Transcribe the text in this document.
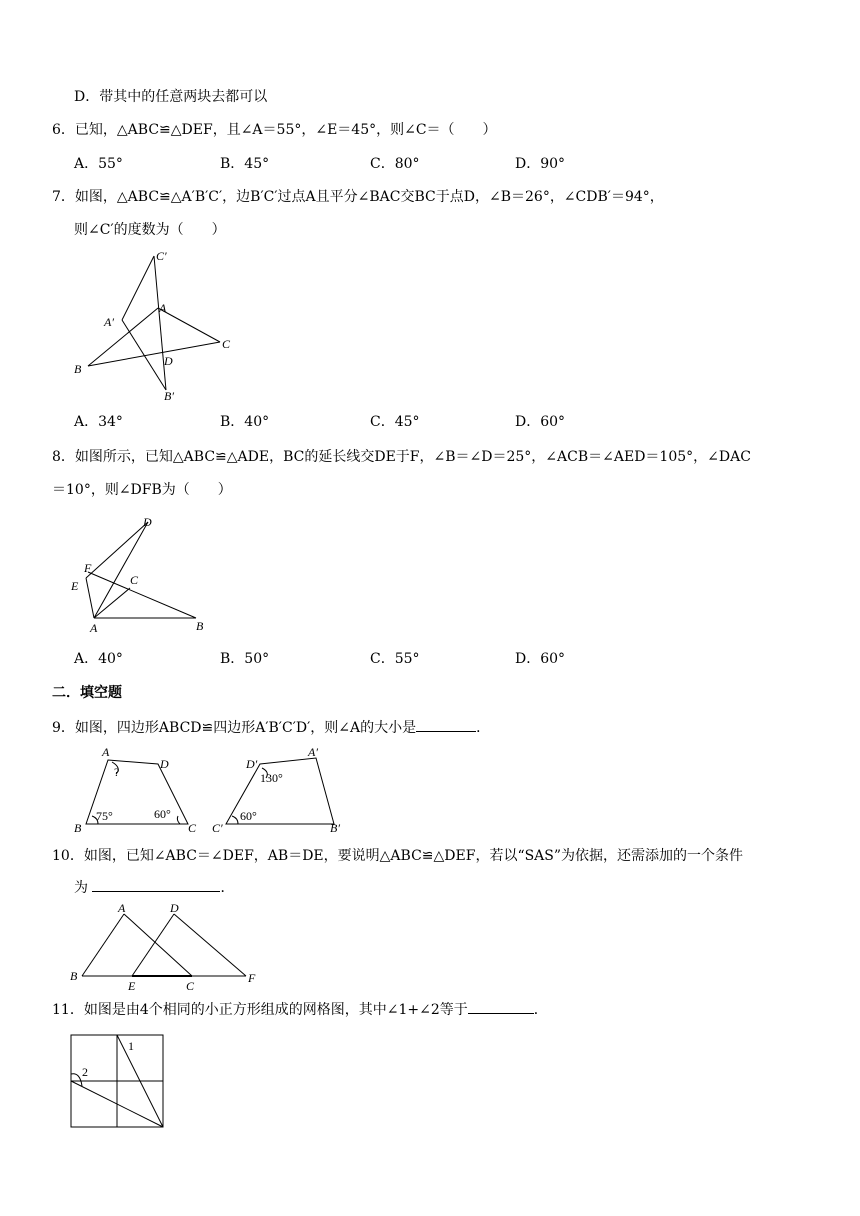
D．带其中的任意两块去都可以
6．已知，△ABC≌△DEF，且∠A＝55°，∠E＝45°，则∠C＝（　　）
A．55°	B．45°	C．80°	D．90°
7．如图，△ABC≌△A′B′C′，边B′C′过点A且平分∠BAC交BC于点D，∠B＝26°，∠CDB′＝94°，
则∠C′的度数为（　　）
C′
A′
A
C
D
B
B′
A．34°	B．40°	C．45°	D．60°
8．如图所示，已知△ABC≌△ADE，BC的延长线交DE于F，∠B＝∠D＝25°，∠ACB＝∠AED＝105°，∠DAC
＝10°，则∠DFB为（　　）
D
F
E	C
A	B
A．40°	B．50°	C．55°	D．60°
二．填空题
9．如图，四边形ABCD≌四边形A′B′C′D′，则∠A的大小是	．
A
D
B	C
?
75°	60°
D′
A′
C′	B′
130°
60°
10．如图，已知∠ABC＝∠DEF，AB＝DE，要说明△ABC≌△DEF，若以“SAS”为依据，还需添加的一个条件
为	．
A	D
B
E	C
F
11．如图是由4个相同的小正方形组成的网格图，其中∠1+∠2等于	．
1
2
